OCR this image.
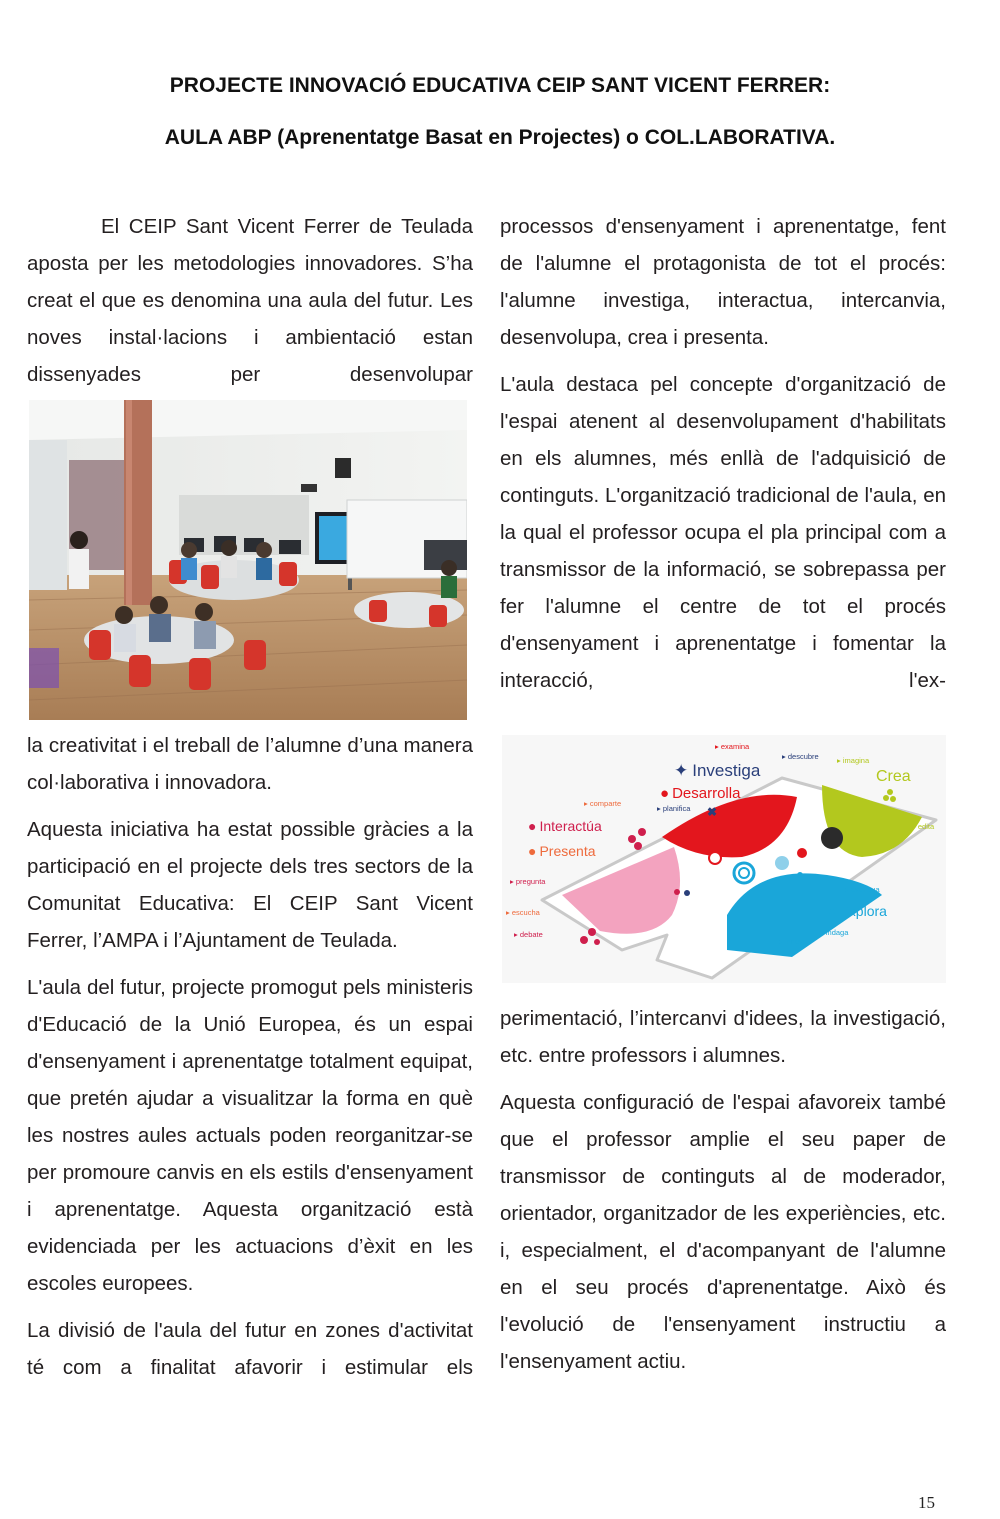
PROJECTE INNOVACIÓ EDUCATIVA CEIP SANT VICENT FERRER:
AULA ABP (Aprenentatge Basat en Projectes) o COL.LABORATIVA.

El CEIP Sant Vicent Ferrer de Teulada aposta per les metodologies innovadores. S’ha creat el que es denomina una aula del futur. Les noves instal·lacions i ambientació estan dissenyades per desenvolupar

la creativitat i el treball de l’alumne d’una manera col·laborativa i innovadora.

Aquesta iniciativa ha estat possible gràcies a la participació en el projecte dels tres sectors de la Comunitat Educativa: El CEIP Sant Vicent Ferrer, l’AMPA i l’Ajuntament de Teulada.

L'aula del futur, projecte promogut pels ministeris d'Educació de la Unió Europea, és un espai d'ensenyament i aprenentatge totalment equipat, que pretén ajudar a visualitzar la forma en què les nostres aules actuals poden reorganitzar-se per promoure canvis en els estils d'ensenyament i aprenentatge. Aquesta organització està evidenciada per les actuacions d’èxit en les escoles europees.

La divisió de l'aula del futur en zones d'activitat té com a finalitat afavorir i estimular els

processos d'ensenyament i aprenentatge, fent de l'alumne el protagonista de tot el procés: l'alumne investiga, interactua, intercanvia, desenvolupa, crea i presenta.

L'aula destaca pel concepte d'organització de l'espai atenent al desenvolupament d'habilitats en els alumnes, més enllà de l'adquisició de continguts. L'organització tradicional de l'aula, en la qual el professor ocupa el pla principal com a transmissor de la informació, se sobrepassa per fer l'alumne el centre de tot el procés d'ensenyament i aprenentatge i fomentar la interacció, l'ex-

✖
✦ Investiga
● Desarrolla
Crea
● Interactúa
● Presenta
● Explora
▸ examina
▸ descubre ▸ imagina
▸ edita
▸ comparte
▸ planifica
▸ pregunta
▸ escucha
▸ debate
▸ averigua
▸ innova
▸ indaga

perimentació, l’intercanvi d'idees, la investigació, etc. entre professors i alumnes.

Aquesta configuració de l'espai afavoreix també que el professor amplie el seu paper de transmissor de continguts al de moderador, orientador, organitzador de les experiències, etc. i, especialment, el d'acompanyant de l'alumne en el seu procés d'aprenentatge. Això és l'evolució de l'ensenyament instructiu a l'ensenyament actiu.

15
